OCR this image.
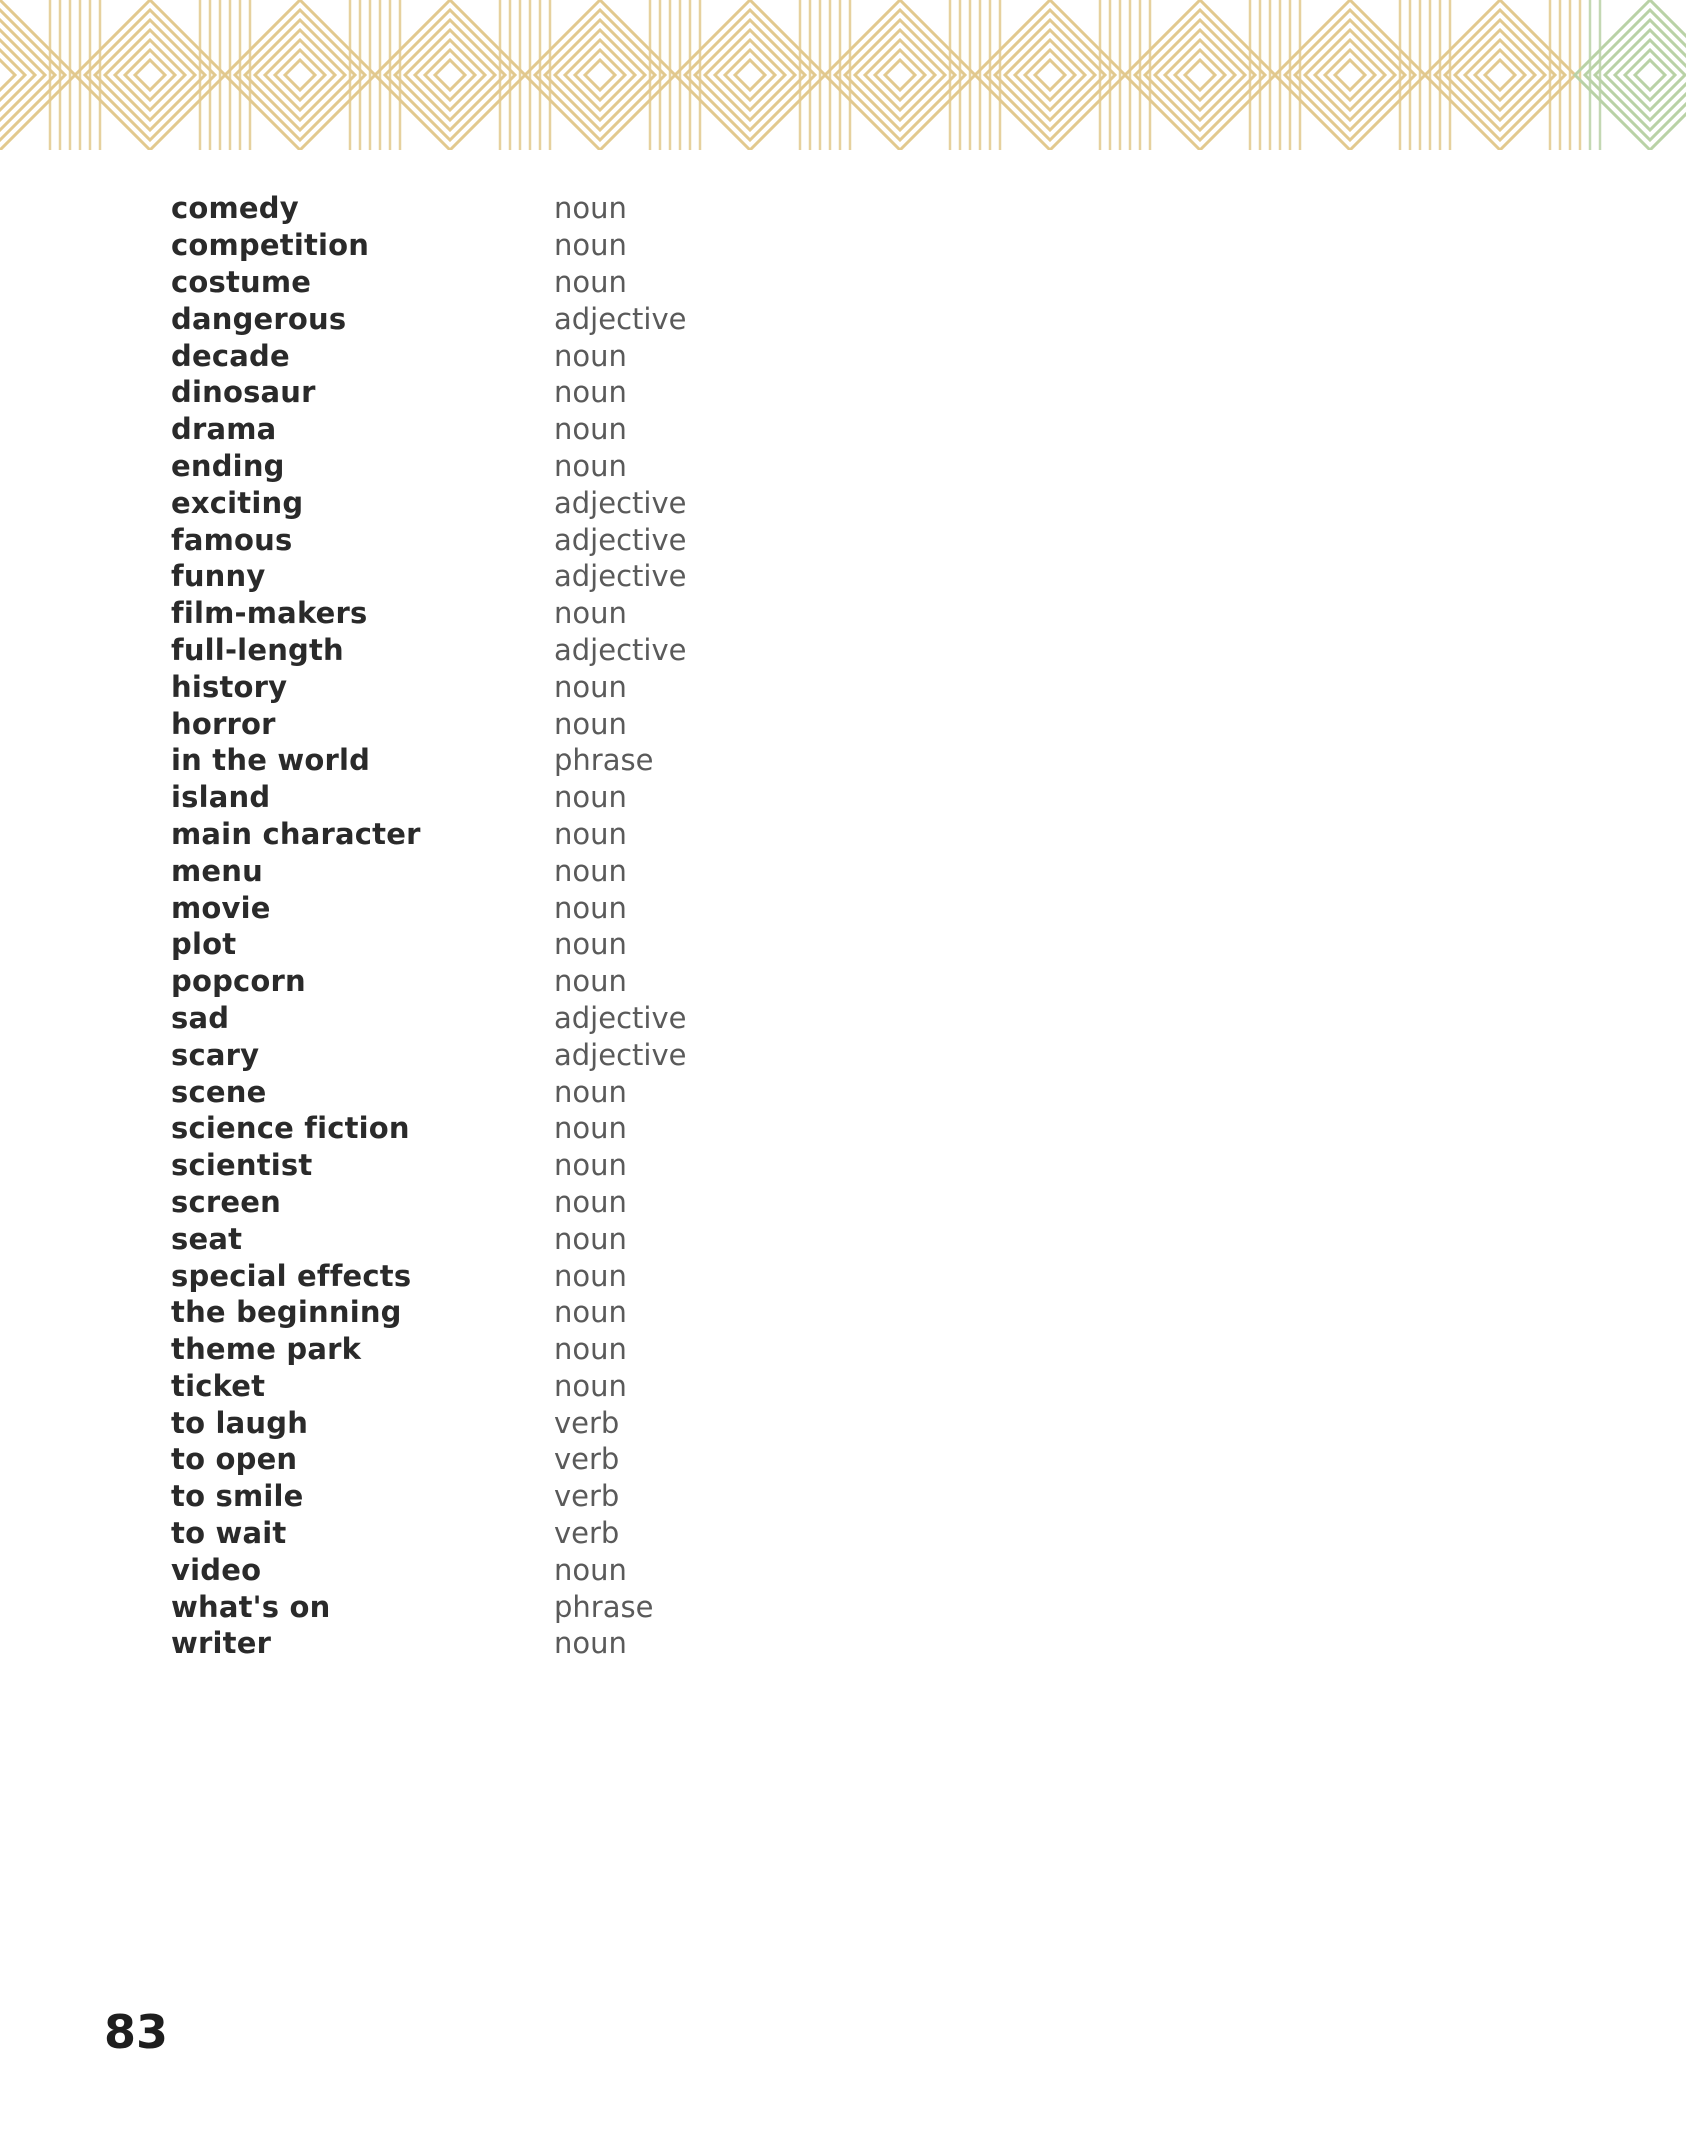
comedy	noun
competition	noun
costume	noun
dangerous	adjective
decade	noun
dinosaur	noun
drama	noun
ending	noun
exciting	adjective
famous	adjective
funny	adjective
film-makers	noun
full-length	adjective
history	noun
horror	noun
in the world	phrase
island	noun
main character	noun
menu	noun
movie	noun
plot	noun
popcorn	noun
sad	adjective
scary	adjective
scene	noun
science fiction	noun
scientist	noun
screen	noun
seat	noun
special effects	noun
the beginning	noun
theme park	noun
ticket	noun
to laugh	verb
to open	verb
to smile	verb
to wait	verb
video	noun
what's on	phrase
writer	noun
83
